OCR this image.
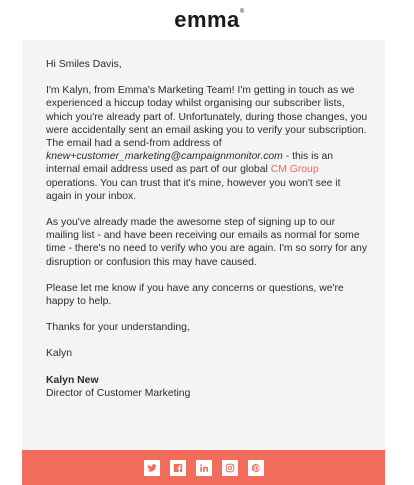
emma ®

Hi Smiles Davis,

I'm Kalyn, from Emma's Marketing Team! I'm getting in touch as we experienced a hiccup today whilst organising our subscriber lists, which you're already part of. Unfortunately, during those changes, you were accidentally sent an email asking you to verify your subscription. The email had a send-from address of knew+customer_marketing@campaignmonitor.com - this is an internal email address used as part of our global CM Group operations. You can trust that it's mine, however you won't see it again in your inbox.

As you've already made the awesome step of signing up to our mailing list - and have been receiving our emails as normal for some time - there's no need to verify who you are again. I'm so sorry for any disruption or confusion this may have caused.

Please let me know if you have any concerns or questions, we're happy to help.

Thanks for your understanding,

Kalyn

Kalyn New
Director of Customer Marketing
